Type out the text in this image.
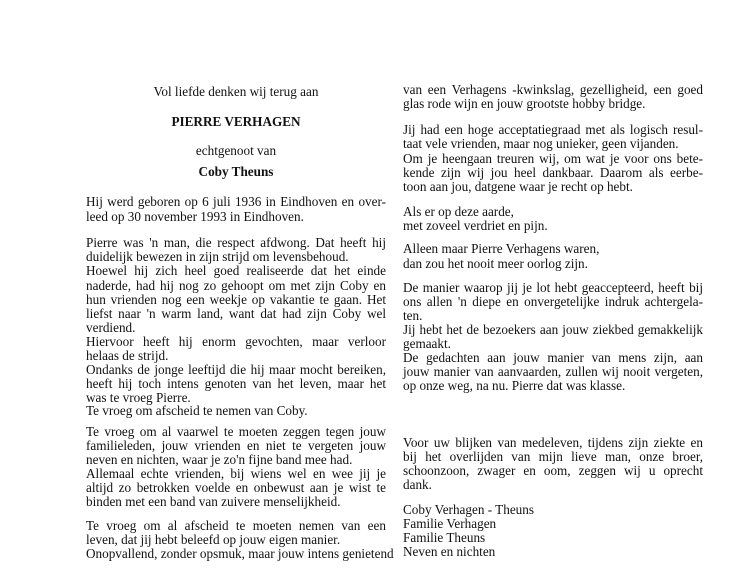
Vol liefde denken wij terug aan
PIERRE VERHAGEN
echtgenoot van
Coby Theuns
Hij werd geboren op 6 juli 1936 in Eindhoven en over-
leed op 30 november 1993 in Eindhoven.
Pierre was 'n man, die respect afdwong. Dat heeft hij
duidelijk bewezen in zijn strijd om levensbehoud.
Hoewel hij zich heel goed realiseerde dat het einde
naderde, had hij nog zo gehoopt om met zijn Coby en
hun vrienden nog een weekje op vakantie te gaan. Het
liefst naar 'n warm land, want dat had zijn Coby wel
verdiend.
Hiervoor heeft hij enorm gevochten, maar verloor
helaas de strijd.
Ondanks de jonge leeftijd die hij maar mocht bereiken,
heeft hij toch intens genoten van het leven, maar het
was te vroeg Pierre.
Te vroeg om afscheid te nemen van Coby.
Te vroeg om al vaarwel te moeten zeggen tegen jouw
familieleden, jouw vrienden en niet te vergeten jouw
neven en nichten, waar je zo'n fijne band mee had.
Allemaal echte vrienden, bij wiens wel en wee jij je
altijd zo betrokken voelde en onbewust aan je wist te
binden met een band van zuivere menselijkheid.
Te vroeg om al afscheid te moeten nemen van een
leven, dat jij hebt beleefd op jouw eigen manier.
Onopvallend, zonder opsmuk, maar jouw intens genietend
van een Verhagens -kwinkslag, gezelligheid, een goed
glas rode wijn en jouw grootste hobby bridge.
Jij had een hoge acceptatiegraad met als logisch resul-
taat vele vrienden, maar nog unieker, geen vijanden.
Om je heengaan treuren wij, om wat je voor ons bete-
kende zijn wij jou heel dankbaar. Daarom als eerbe-
toon aan jou, datgene waar je recht op hebt.
Als er op deze aarde,
met zoveel verdriet en pijn.
Alleen maar Pierre Verhagens waren,
dan zou het nooit meer oorlog zijn.
De manier waarop jij je lot hebt geaccepteerd, heeft bij
ons allen 'n diepe en onvergetelijke indruk achtergela-
ten.
Jij hebt het de bezoekers aan jouw ziekbed gemakkelijk
gemaakt.
De gedachten aan jouw manier van mens zijn, aan
jouw manier van aanvaarden, zullen wij nooit vergeten,
op onze weg, na nu. Pierre dat was klasse.
Voor uw blijken van medeleven, tijdens zijn ziekte en
bij het overlijden van mijn lieve man, onze broer,
schoonzoon, zwager en oom, zeggen wij u oprecht
dank.
Coby Verhagen - Theuns
Familie Verhagen
Familie Theuns
Neven en nichten
